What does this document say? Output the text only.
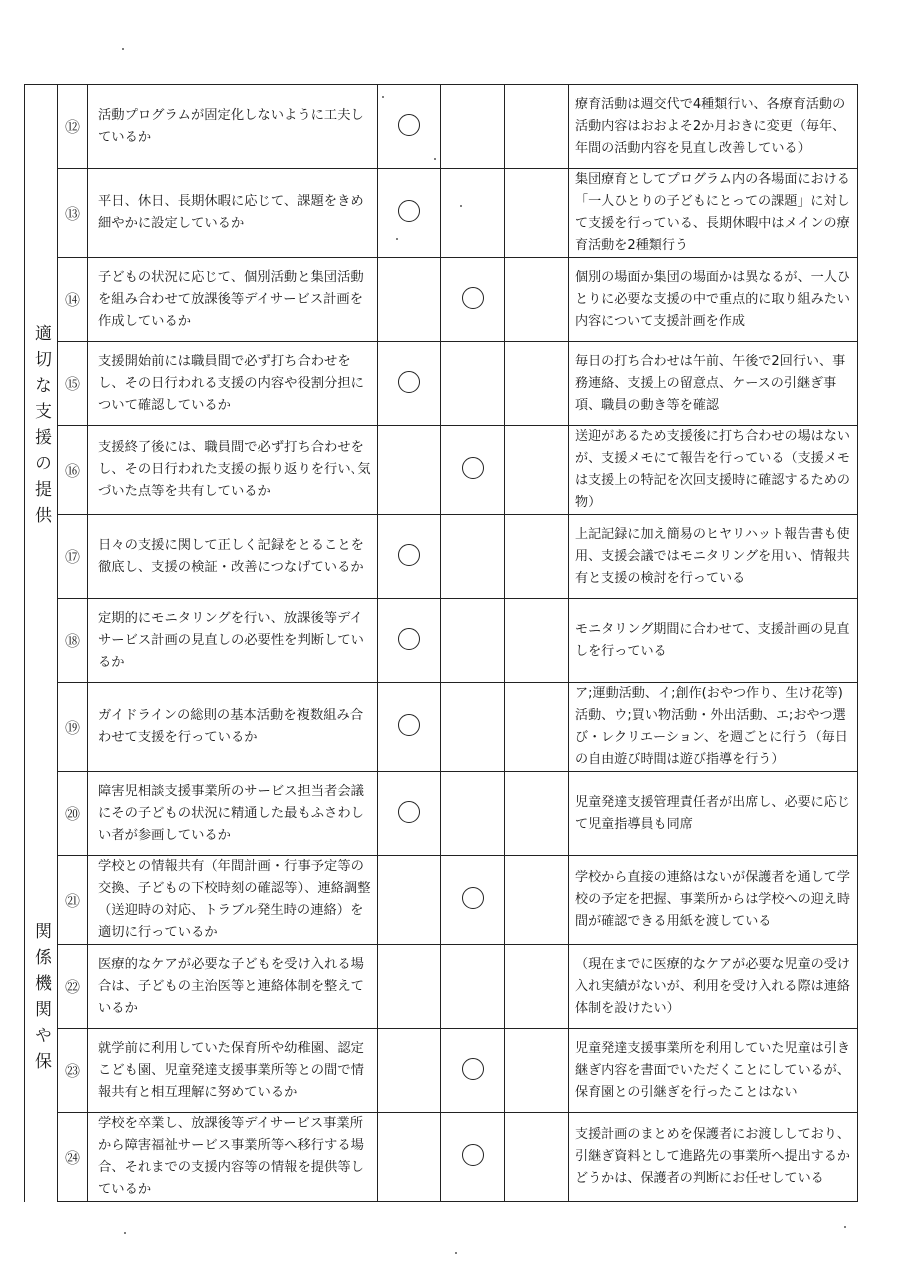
適切な支援の提供	⑫	活動プログラムが固定化しないように工夫しているか				療育活動は週交代で4種類行い、各療育活動の活動内容はおおよそ2か月おきに変更（毎年、年間の活動内容を見直し改善している）
	⑬	平日、休日、長期休暇に応じて、課題をきめ細やかに設定しているか				集団療育としてプログラム内の各場面における「一人ひとりの子どもにとっての課題」に対して支援を行っている、長期休暇中はメインの療育活動を2種類行う
	⑭	子どもの状況に応じて、個別活動と集団活動を組み合わせて放課後等デイサービス計画を作成しているか				個別の場面か集団の場面かは異なるが、一人ひとりに必要な支援の中で重点的に取り組みたい内容について支援計画を作成
	⑮	支援開始前には職員間で必ず打ち合わせをし、その日行われる支援の内容や役割分担について確認しているか				毎日の打ち合わせは午前、午後で2回行い、事務連絡、支援上の留意点、ケースの引継ぎ事項、職員の動き等を確認
	⑯	支援終了後には、職員間で必ず打ち合わせをし、その日行われた支援の振り返りを行い､気づいた点等を共有しているか				送迎があるため支援後に打ち合わせの場はないが、支援メモにて報告を行っている（支援メモは支援上の特記を次回支援時に確認するための物）
	⑰	日々の支援に関して正しく記録をとることを徹底し、支援の検証・改善につなげているか				上記記録に加え簡易のヒヤリハット報告書も使用、支援会議ではモニタリングを用い、情報共有と支援の検討を行っている
	⑱	定期的にモニタリングを行い、放課後等デイサービス計画の見直しの必要性を判断しているか				モニタリング期間に合わせて、支援計画の見直しを行っている
	⑲	ガイドラインの総則の基本活動を複数組み合わせて支援を行っているか				ア;運動活動、イ;創作(おやつ作り、生け花等)活動、ウ;買い物活動・外出活動、エ;おやつ選び・レクリエーション、を週ごとに行う（毎日の自由遊び時間は遊び指導を行う）

関係機関や保	⑳	障害児相談支援事業所のサービス担当者会議にその子どもの状況に精通した最もふさわしい者が参画しているか				児童発達支援管理責任者が出席し、必要に応じて児童指導員も同席
	㉑	学校との情報共有（年間計画・行事予定等の交換、子どもの下校時刻の確認等）、連絡調整（送迎時の対応、トラブル発生時の連絡）を適切に行っているか				学校から直接の連絡はないが保護者を通して学校の予定を把握、事業所からは学校への迎え時間が確認できる用紙を渡している
	㉒	医療的なケアが必要な子どもを受け入れる場合は、子どもの主治医等と連絡体制を整えているか				（現在までに医療的なケアが必要な児童の受け入れ実績がないが、利用を受け入れる際は連絡体制を設けたい）
	㉓	就学前に利用していた保育所や幼稚園、認定こども園、児童発達支援事業所等との間で情報共有と相互理解に努めているか				児童発達支援事業所を利用していた児童は引き継ぎ内容を書面でいただくことにしているが、保育園との引継ぎを行ったことはない
	㉔	学校を卒業し、放課後等デイサービス事業所から障害福祉サービス事業所等へ移行する場合、それまでの支援内容等の情報を提供等しているか				支援計画のまとめを保護者にお渡ししており、引継ぎ資料として進路先の事業所へ提出するかどうかは、保護者の判断にお任せしている
